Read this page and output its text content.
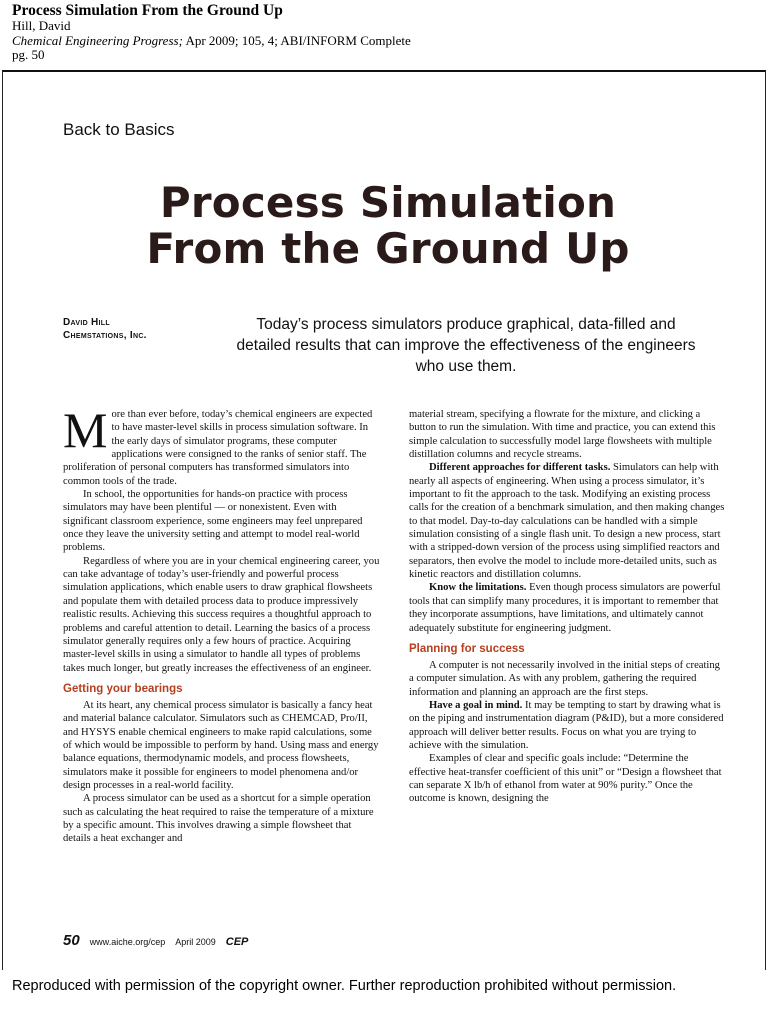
Process Simulation From the Ground Up
Hill, David
Chemical Engineering Progress; Apr 2009; 105, 4; ABI/INFORM Complete
pg. 50
Back to Basics
Process Simulation
From the Ground Up
David Hill
Chemstations, Inc.
Today’s process simulators produce graphical, data-filled and detailed results that can improve the effectiveness of the engineers who use them.

More than ever before, today’s chemical engineers are expected to have master-level skills in process simulation software. In the early days of simulator programs, these computer applications were consigned to the ranks of senior staff. The proliferation of personal computers has transformed simulators into common tools of the trade.

In school, the opportunities for hands-on practice with process simulators may have been plentiful — or nonexistent. Even with significant classroom experience, some engineers may feel unprepared once they leave the university setting and attempt to model real-world problems.

Regardless of where you are in your chemical engineering career, you can take advantage of today’s user-friendly and powerful process simulation applications, which enable users to draw graphical flowsheets and populate them with detailed process data to produce impressively realistic results. Achieving this success requires a thoughtful approach to problems and careful attention to detail. Learning the basics of a process simulator generally requires only a few hours of practice. Acquiring master-level skills in using a simulator to handle all types of problems takes much longer, but greatly increases the effectiveness of an engineer.

Getting your bearings

At its heart, any chemical process simulator is basically a fancy heat and material balance calculator. Simulators such as CHEMCAD, Pro/II, and HYSYS enable chemical engineers to make rapid calculations, some of which would be impossible to perform by hand. Using mass and energy balance equations, thermodynamic models, and process flowsheets, simulators make it possible for engineers to model phenomena and/or design processes in a real-world facility.

A process simulator can be used as a shortcut for a simple operation such as calculating the heat required to raise the temperature of a mixture by a specific amount. This involves drawing a simple flowsheet that details a heat exchanger and

material stream, specifying a flowrate for the mixture, and clicking a button to run the simulation. With time and practice, you can extend this simple calculation to successfully model large flowsheets with multiple distillation columns and recycle streams.

Different approaches for different tasks. Simulators can help with nearly all aspects of engineering. When using a process simulator, it’s important to fit the approach to the task. Modifying an existing process calls for the creation of a benchmark simulation, and then making changes to that model. Day-to-day calculations can be handled with a simple simulation consisting of a single flash unit. To design a new process, start with a stripped-down version of the process using simplified reactors and separators, then evolve the model to include more-detailed units, such as kinetic reactors and distillation columns.

Know the limitations. Even though process simulators are powerful tools that can simplify many procedures, it is important to remember that they incorporate assumptions, have limitations, and ultimately cannot adequately substitute for engineering judgment.

Planning for success

A computer is not necessarily involved in the initial steps of creating a computer simulation. As with any problem, gathering the required information and planning an approach are the first steps.

Have a goal in mind. It may be tempting to start by drawing what is on the piping and instrumentation diagram (P&ID), but a more considered approach will deliver better results. Focus on what you are trying to achieve with the simulation.

Examples of clear and specific goals include: “Determine the effective heat-transfer coefficient of this unit” or “Design a flowsheet that can separate X lb/h of ethanol from water at 90% purity.” Once the outcome is known, designing the

50 www.aiche.org/cep April 2009 CEP
Reproduced with permission of the copyright owner. Further reproduction prohibited without permission.
